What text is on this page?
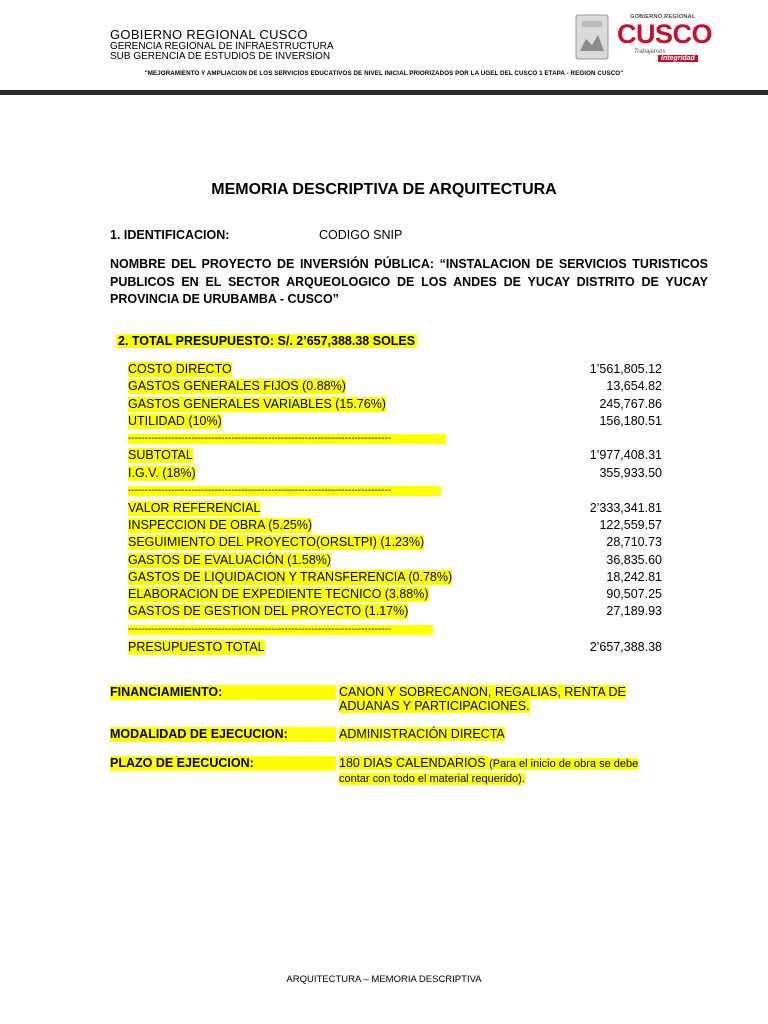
GOBIERNO REGIONAL CUSCO
GERENCIA REGIONAL DE INFRAESTRUCTURA
SUB GERENCIA DE ESTUDIOS DE INVERSION
GOBIERNO REGIONAL
CUSCO
Trabajamos
Integridad
"MEJORAMIENTO Y AMPLIACION DE LOS SERVICIOS EDUCATIVOS DE NIVEL INICIAL PRIORIZADOS POR LA UGEL DEL CUSCO 1 ETAPA - REGION CUSCO"
MEMORIA DESCRIPTIVA DE ARQUITECTURA
1. IDENTIFICACION:	CODIGO SNIP
NOMBRE DEL PROYECTO DE INVERSIÓN PÚBLICA: “INSTALACION DE SERVICIOS TURISTICOS PUBLICOS EN EL SECTOR ARQUEOLOGICO DE LOS ANDES DE YUCAY DISTRITO DE YUCAY PROVINCIA DE URUBAMBA - CUSCO”
2. TOTAL PRESUPUESTO: S/. 2’657,388.38 SOLES
COSTO DIRECTO	1’561,805.12
GASTOS GENERALES FIJOS (0.88%)	13,654.82
GASTOS GENERALES VARIABLES (15.76%)	245,767.86
UTILIDAD (10%)	156,180.51
-------------------------------------------------------------------------------
SUBTOTAL	1’977,408.31
I.G.V. (18%)	355,933.50
-------------------------------------------------------------------------------
VALOR REFERENCIAL	2’333,341.81
INSPECCION DE OBRA (5.25%)	122,559.57
SEGUIMIENTO DEL PROYECTO(ORSLTPI) (1.23%)	28,710.73
GASTOS DE EVALUACIÓN (1.58%)	36,835.60
GASTOS DE LIQUIDACION Y TRANSFERENCIA (0.78%)	18,242.81
ELABORACION DE EXPEDIENTE TECNICO (3.88%)	90,507.25
GASTOS DE GESTION DEL PROYECTO (1.17%)	27,189.93
-------------------------------------------------------------------------------
PRESUPUESTO TOTAL	2’657,388.38
FINANCIAMIENTO:	CANON Y SOBRECANON, REGALIAS, RENTA DE ADUANAS Y PARTICIPACIONES.
MODALIDAD DE EJECUCION:	ADMINISTRACIÓN DIRECTA
PLAZO DE EJECUCION:	180 DIAS CALENDARIOS (Para el inicio de obra se debe contar con todo el material requerido).
ARQUITECTURA – MEMORIA DESCRIPTIVA
